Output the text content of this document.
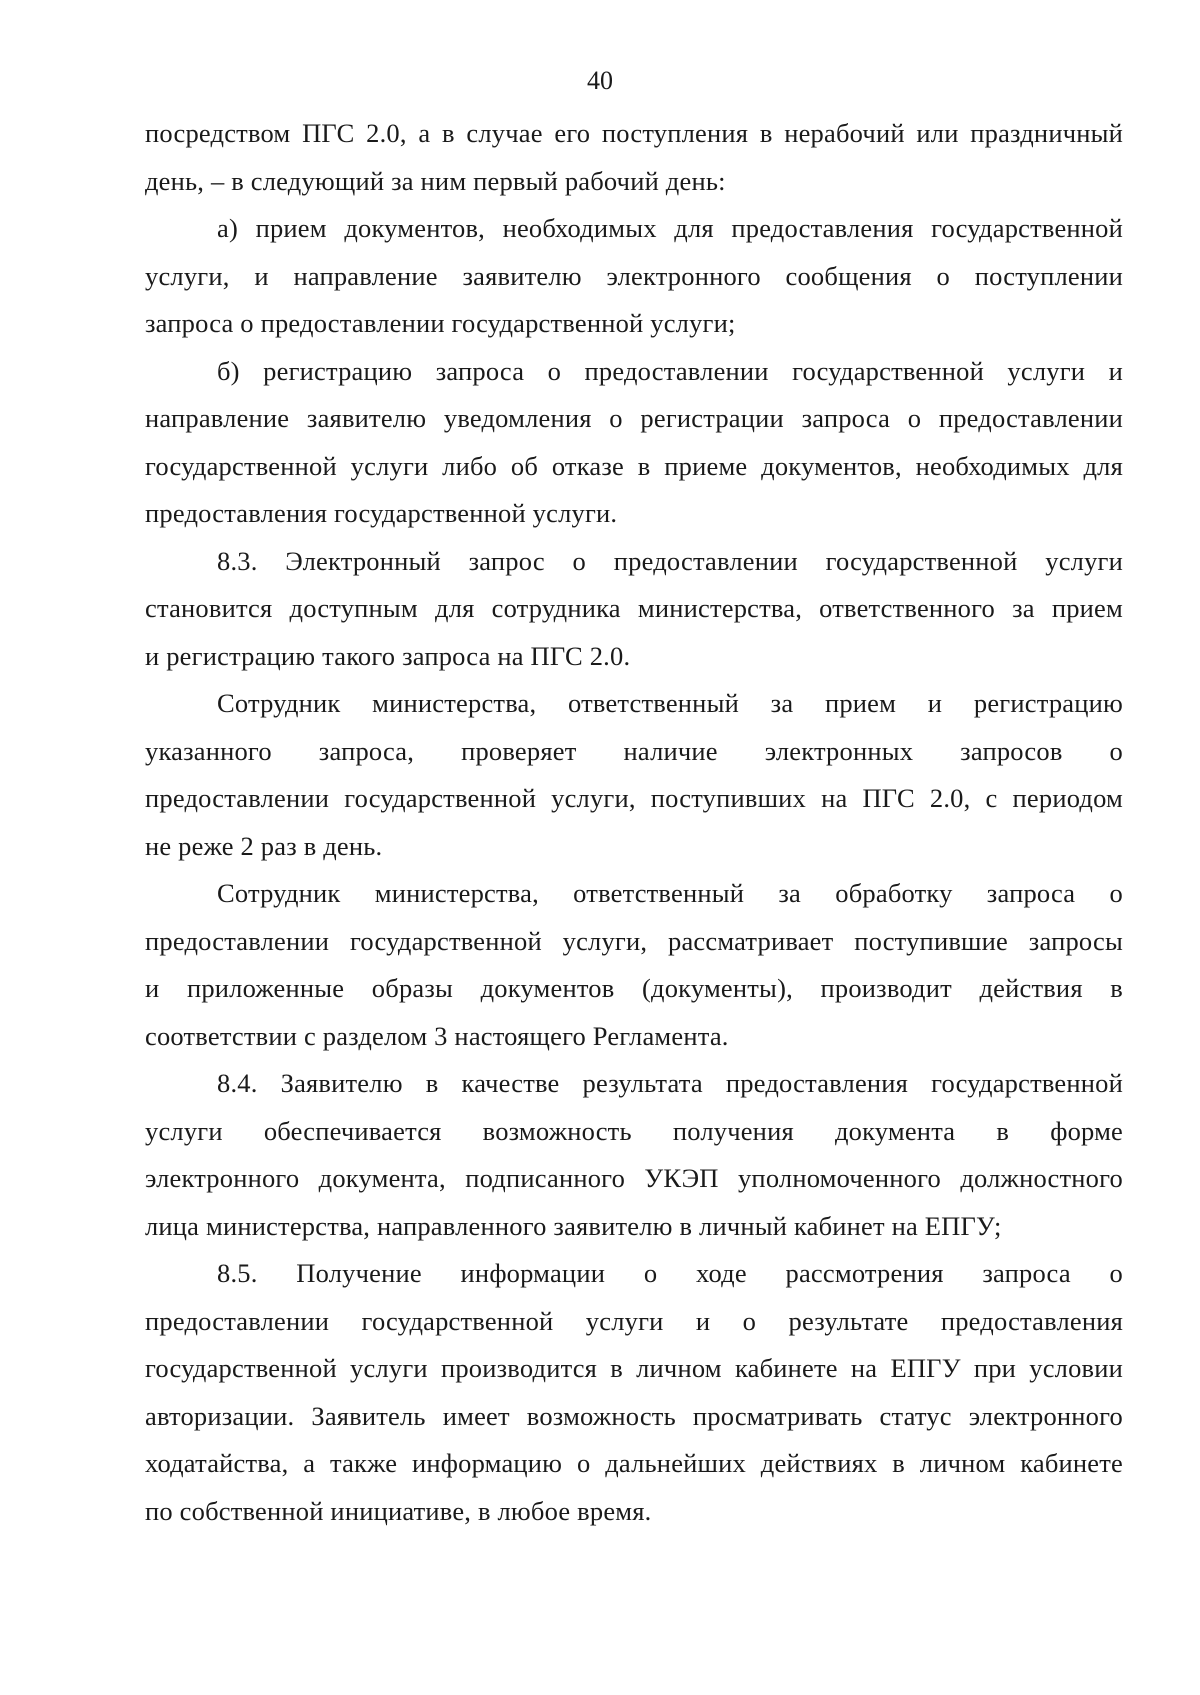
40
посредством ПГС 2.0, а в случае его поступления в нерабочий или праздничный
день, – в следующий за ним первый рабочий день:
а) прием документов, необходимых для предоставления государственной
услуги, и направление заявителю электронного сообщения о поступлении
запроса о предоставлении государственной услуги;
б) регистрацию запроса о предоставлении государственной услуги и
направление заявителю уведомления о регистрации запроса о предоставлении
государственной услуги либо об отказе в приеме документов, необходимых для
предоставления государственной услуги.
8.3. Электронный запрос о предоставлении государственной услуги
становится доступным для сотрудника министерства, ответственного за прием
и регистрацию такого запроса на ПГС 2.0.
Сотрудник министерства, ответственный за прием и регистрацию
указанного запроса, проверяет наличие электронных запросов о
предоставлении государственной услуги, поступивших на ПГС 2.0, с периодом
не реже 2 раз в день.
Сотрудник министерства, ответственный за обработку запроса о
предоставлении государственной услуги, рассматривает поступившие запросы
и приложенные образы документов (документы), производит действия в
соответствии с разделом 3 настоящего Регламента.
8.4. Заявителю в качестве результата предоставления государственной
услуги обеспечивается возможность получения документа в форме
электронного документа, подписанного УКЭП уполномоченного должностного
лица министерства, направленного заявителю в личный кабинет на ЕПГУ;
8.5. Получение информации о ходе рассмотрения запроса о
предоставлении государственной услуги и о результате предоставления
государственной услуги производится в личном кабинете на ЕПГУ при условии
авторизации. Заявитель имеет возможность просматривать статус электронного
ходатайства, а также информацию о дальнейших действиях в личном кабинете
по собственной инициативе, в любое время.
